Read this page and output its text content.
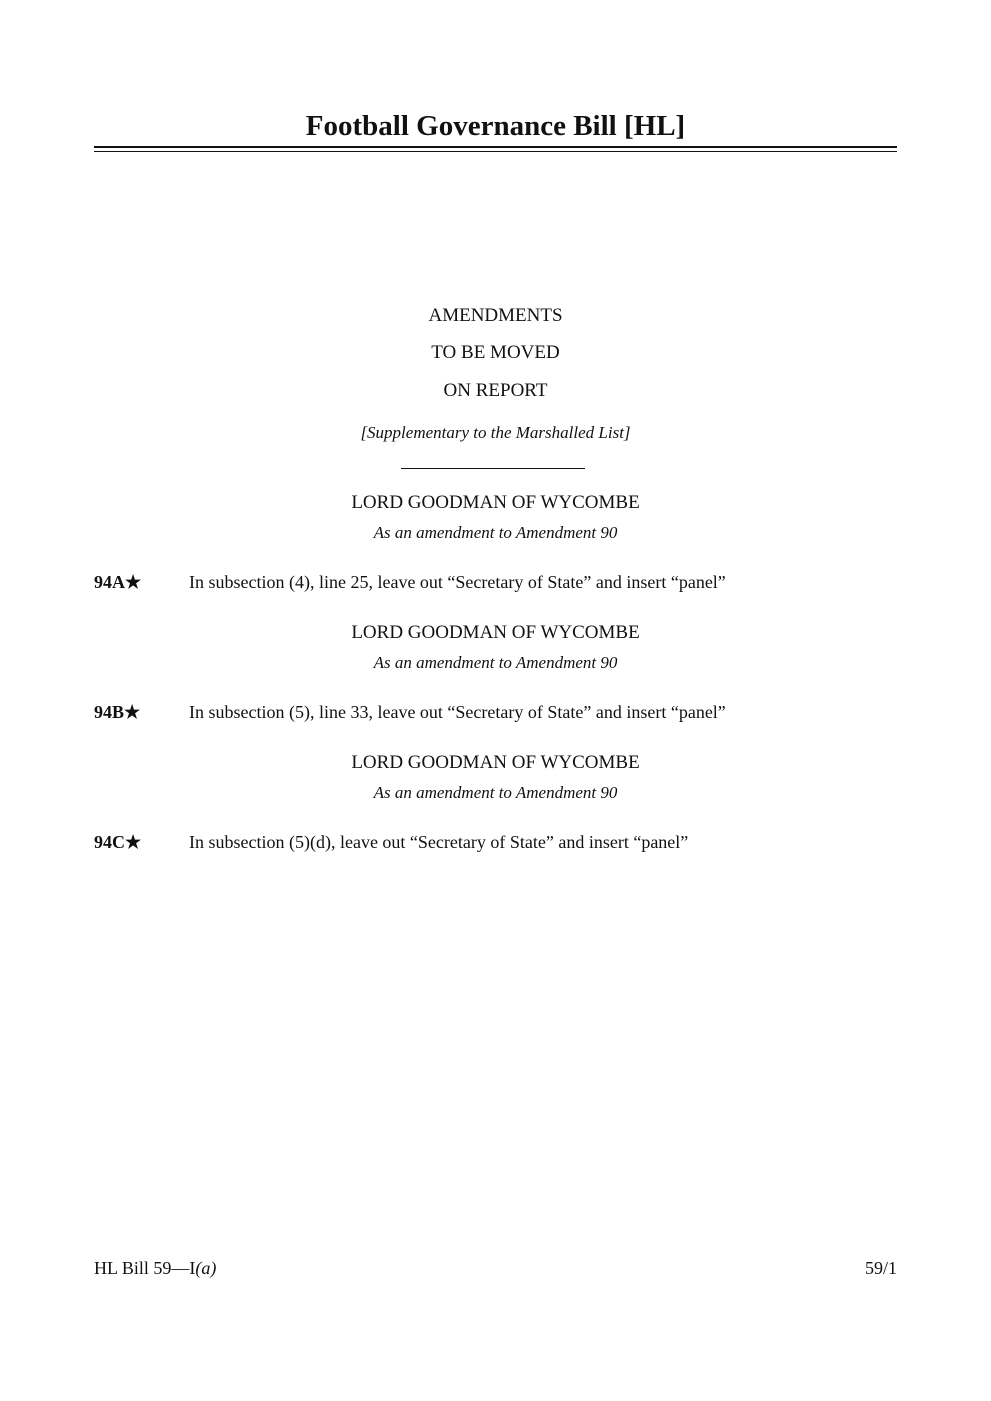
Football Governance Bill [HL]
AMENDMENTS
TO BE MOVED
ON REPORT
[Supplementary to the Marshalled List]
LORD GOODMAN OF WYCOMBE
As an amendment to Amendment 90
94A★	In subsection (4), line 25, leave out “Secretary of State” and insert “panel”
LORD GOODMAN OF WYCOMBE
As an amendment to Amendment 90
94B★	In subsection (5), line 33, leave out “Secretary of State” and insert “panel”
LORD GOODMAN OF WYCOMBE
As an amendment to Amendment 90
94C★	In subsection (5)(d), leave out “Secretary of State” and insert “panel”
HL Bill 59—I(a)	59/1
